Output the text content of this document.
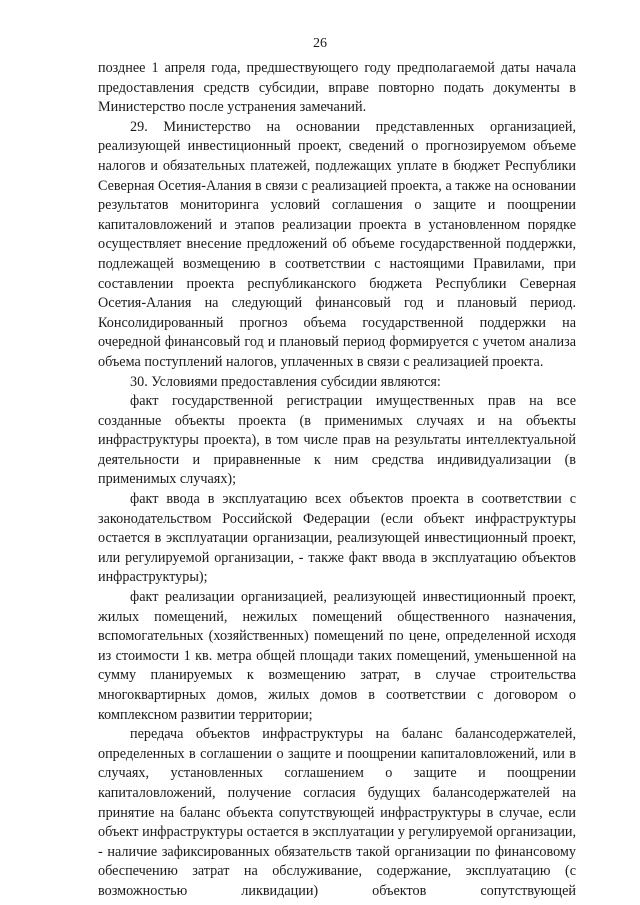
26

позднее 1 апреля года, предшествующего году предполагаемой даты начала предоставления средств субсидии, вправе повторно подать документы в Министерство после устранения замечаний.

29. Министерство на основании представленных организацией, реализующей инвестиционный проект, сведений о прогнозируемом объеме налогов и обязательных платежей, подлежащих уплате в бюджет Республики Северная Осетия-Алания в связи с реализацией проекта, а также на основании результатов мониторинга условий соглашения о защите и поощрении капиталовложений и этапов реализации проекта в установленном порядке осуществляет внесение предложений об объеме государственной поддержки, подлежащей возмещению в соответствии с настоящими Правилами, при составлении проекта республиканского бюджета Республики Северная Осетия-Алания на следующий финансовый год и плановый период. Консолидированный прогноз объема государственной поддержки на очередной финансовый год и плановый период формируется с учетом анализа объема поступлений налогов, уплаченных в связи с реализацией проекта.

30. Условиями предоставления субсидии являются:

факт государственной регистрации имущественных прав на все созданные объекты проекта (в применимых случаях и на объекты инфраструктуры проекта), в том числе прав на результаты интеллектуальной деятельности и приравненные к ним средства индивидуализации (в применимых случаях);

факт ввода в эксплуатацию всех объектов проекта в соответствии с законодательством Российской Федерации (если объект инфраструктуры остается в эксплуатации организации, реализующей инвестиционный проект, или регулируемой организации, - также факт ввода в эксплуатацию объектов инфраструктуры);

факт реализации организацией, реализующей инвестиционный проект, жилых помещений, нежилых помещений общественного назначения, вспомогательных (хозяйственных) помещений по цене, определенной исходя из стоимости 1 кв. метра общей площади таких помещений, уменьшенной на сумму планируемых к возмещению затрат, в случае строительства многоквартирных домов, жилых домов в соответствии с договором о комплексном развитии территории;

передача объектов инфраструктуры на баланс балансодержателей, определенных в соглашении о защите и поощрении капиталовложений, или в случаях, установленных соглашением о защите и поощрении капиталовложений, получение согласия будущих балансодержателей на принятие на баланс объекта сопутствующей инфраструктуры в случае, если объект инфраструктуры остается в эксплуатации у регулируемой организации, - наличие зафиксированных обязательств такой организации по финансовому обеспечению затрат на обслуживание, содержание, эксплуатацию (с возможностью ликвидации) объектов сопутствующей
